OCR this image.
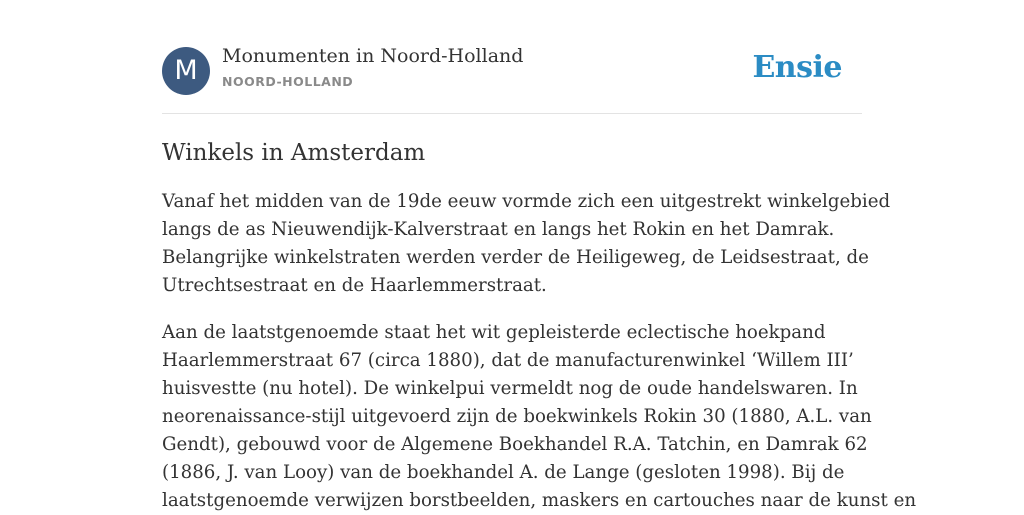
M	Monumenten in Noord-Holland
NOORD-HOLLAND	Ensie
Winkels in Amsterdam

Vanaf het midden van de 19de eeuw vormde zich een uitgestrekt winkelgebied
langs de as Nieuwendijk-Kalverstraat en langs het Rokin en het Damrak.
Belangrijke winkelstraten werden verder de Heiligeweg, de Leidsestraat, de
Utrechtsestraat en de Haarlemmerstraat.

Aan de laatstgenoemde staat het wit gepleisterde eclectische hoekpand
Haarlemmerstraat 67 (circa 1880), dat de manufacturenwinkel ‘Willem III’
huisvestte (nu hotel). De winkelpui vermeldt nog de oude handelswaren. In
neorenaissance-stijl uitgevoerd zijn de boekwinkels Rokin 30 (1880, A.L. van
Gendt), gebouwd voor de Algemene Boekhandel R.A. Tatchin, en Damrak 62
(1886, J. van Looy) van de boekhandel A. de Lange (gesloten 1998). Bij de
laatstgenoemde verwijzen borstbeelden, maskers en cartouches naar de kunst en
